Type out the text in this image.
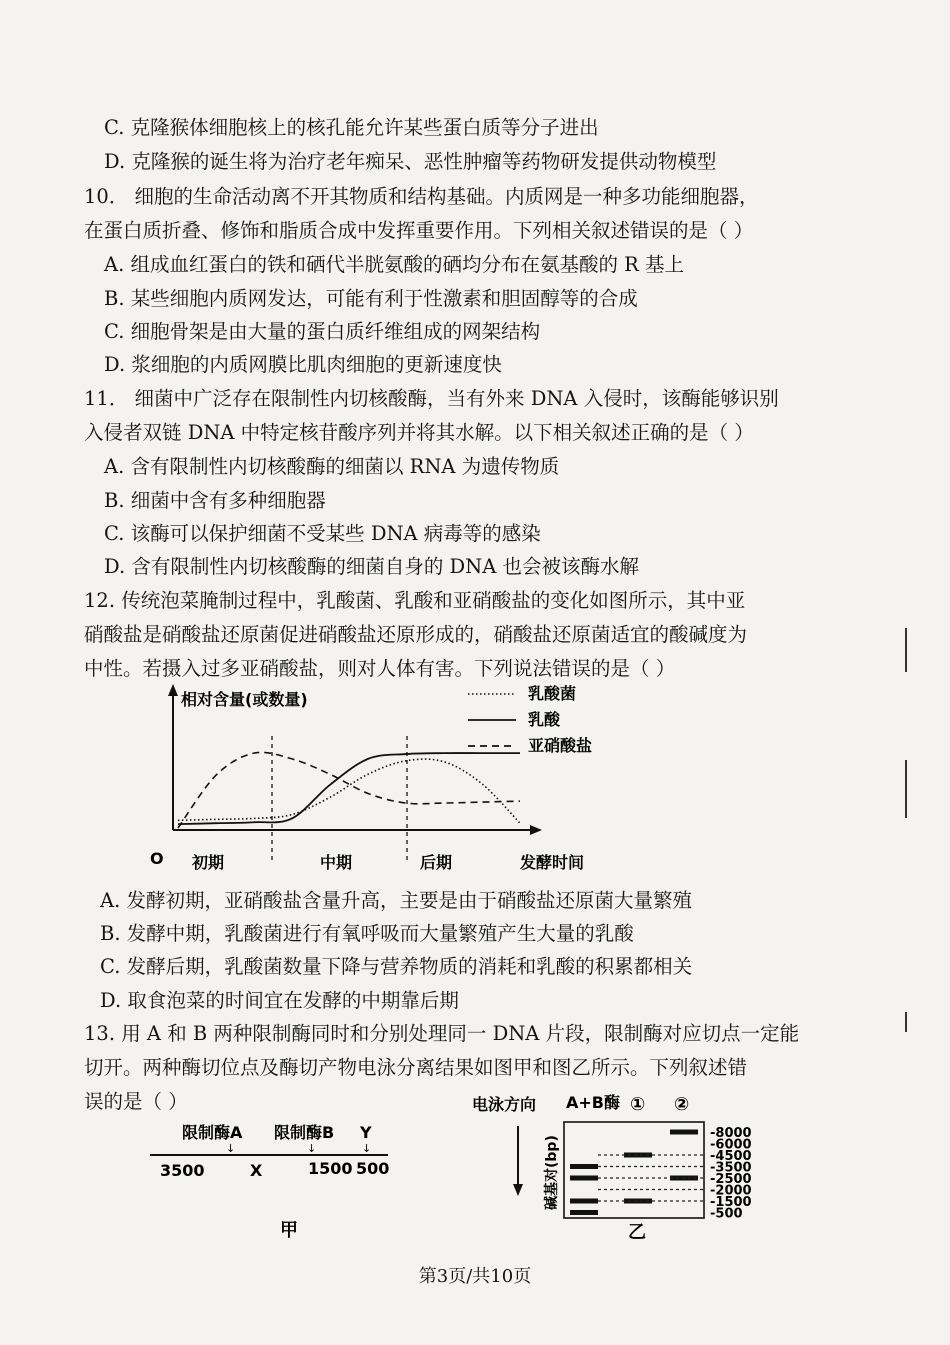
C. 克隆猴体细胞核上的核孔能允许某些蛋白质等分子进出
D. 克隆猴的诞生将为治疗老年痴呆、恶性肿瘤等药物研发提供动物模型
10． 细胞的生命活动离不开其物质和结构基础。内质网是一种多功能细胞器，
在蛋白质折叠、修饰和脂质合成中发挥重要作用。下列相关叙述错误的是（ ）
A. 组成血红蛋白的铁和硒代半胱氨酸的硒均分布在氨基酸的 R 基上
B. 某些细胞内质网发达，可能有利于性激素和胆固醇等的合成
C. 细胞骨架是由大量的蛋白质纤维组成的网架结构
D. 浆细胞的内质网膜比肌肉细胞的更新速度快
11． 细菌中广泛存在限制性内切核酸酶，当有外来 DNA 入侵时，该酶能够识别
入侵者双链 DNA 中特定核苷酸序列并将其水解。以下相关叙述正确的是（ ）
A. 含有限制性内切核酸酶的细菌以 RNA 为遗传物质
B. 细菌中含有多种细胞器
C. 该酶可以保护细菌不受某些 DNA 病毒等的感染
D. 含有限制性内切核酸酶的细菌自身的 DNA 也会被该酶水解
12. 传统泡菜腌制过程中，乳酸菌、乳酸和亚硝酸盐的变化如图所示，其中亚
硝酸盐是硝酸盐还原菌促进硝酸盐还原形成的，硝酸盐还原菌适宜的酸碱度为
中性。若摄入过多亚硝酸盐，则对人体有害。下列说法错误的是（ ）
相对含量(或数量)
O 初期	中期	后期	发酵时间
乳酸菌
乳酸
亚硝酸盐
A. 发酵初期，亚硝酸盐含量升高，主要是由于硝酸盐还原菌大量繁殖
B. 发酵中期，乳酸菌进行有氧呼吸而大量繁殖产生大量的乳酸
C. 发酵后期，乳酸菌数量下降与营养物质的消耗和乳酸的积累都相关
D. 取食泡菜的时间宜在发酵的中期靠后期
13. 用 A 和 B 两种限制酶同时和分别处理同一 DNA 片段，限制酶对应切点一定能
切开。两种酶切位点及酶切产物电泳分离结果如图甲和图乙所示。下列叙述错
误的是（ ）
限制酶A 限制酶B Y
↓	↓	↓
3500	X	1500 500
甲
电泳方向 A+B酶 ① ②
碱基对(bp)
乙
-8000
-6000
-4500
-3500
-2500
-2000
-1500
-500
第3页/共10页
